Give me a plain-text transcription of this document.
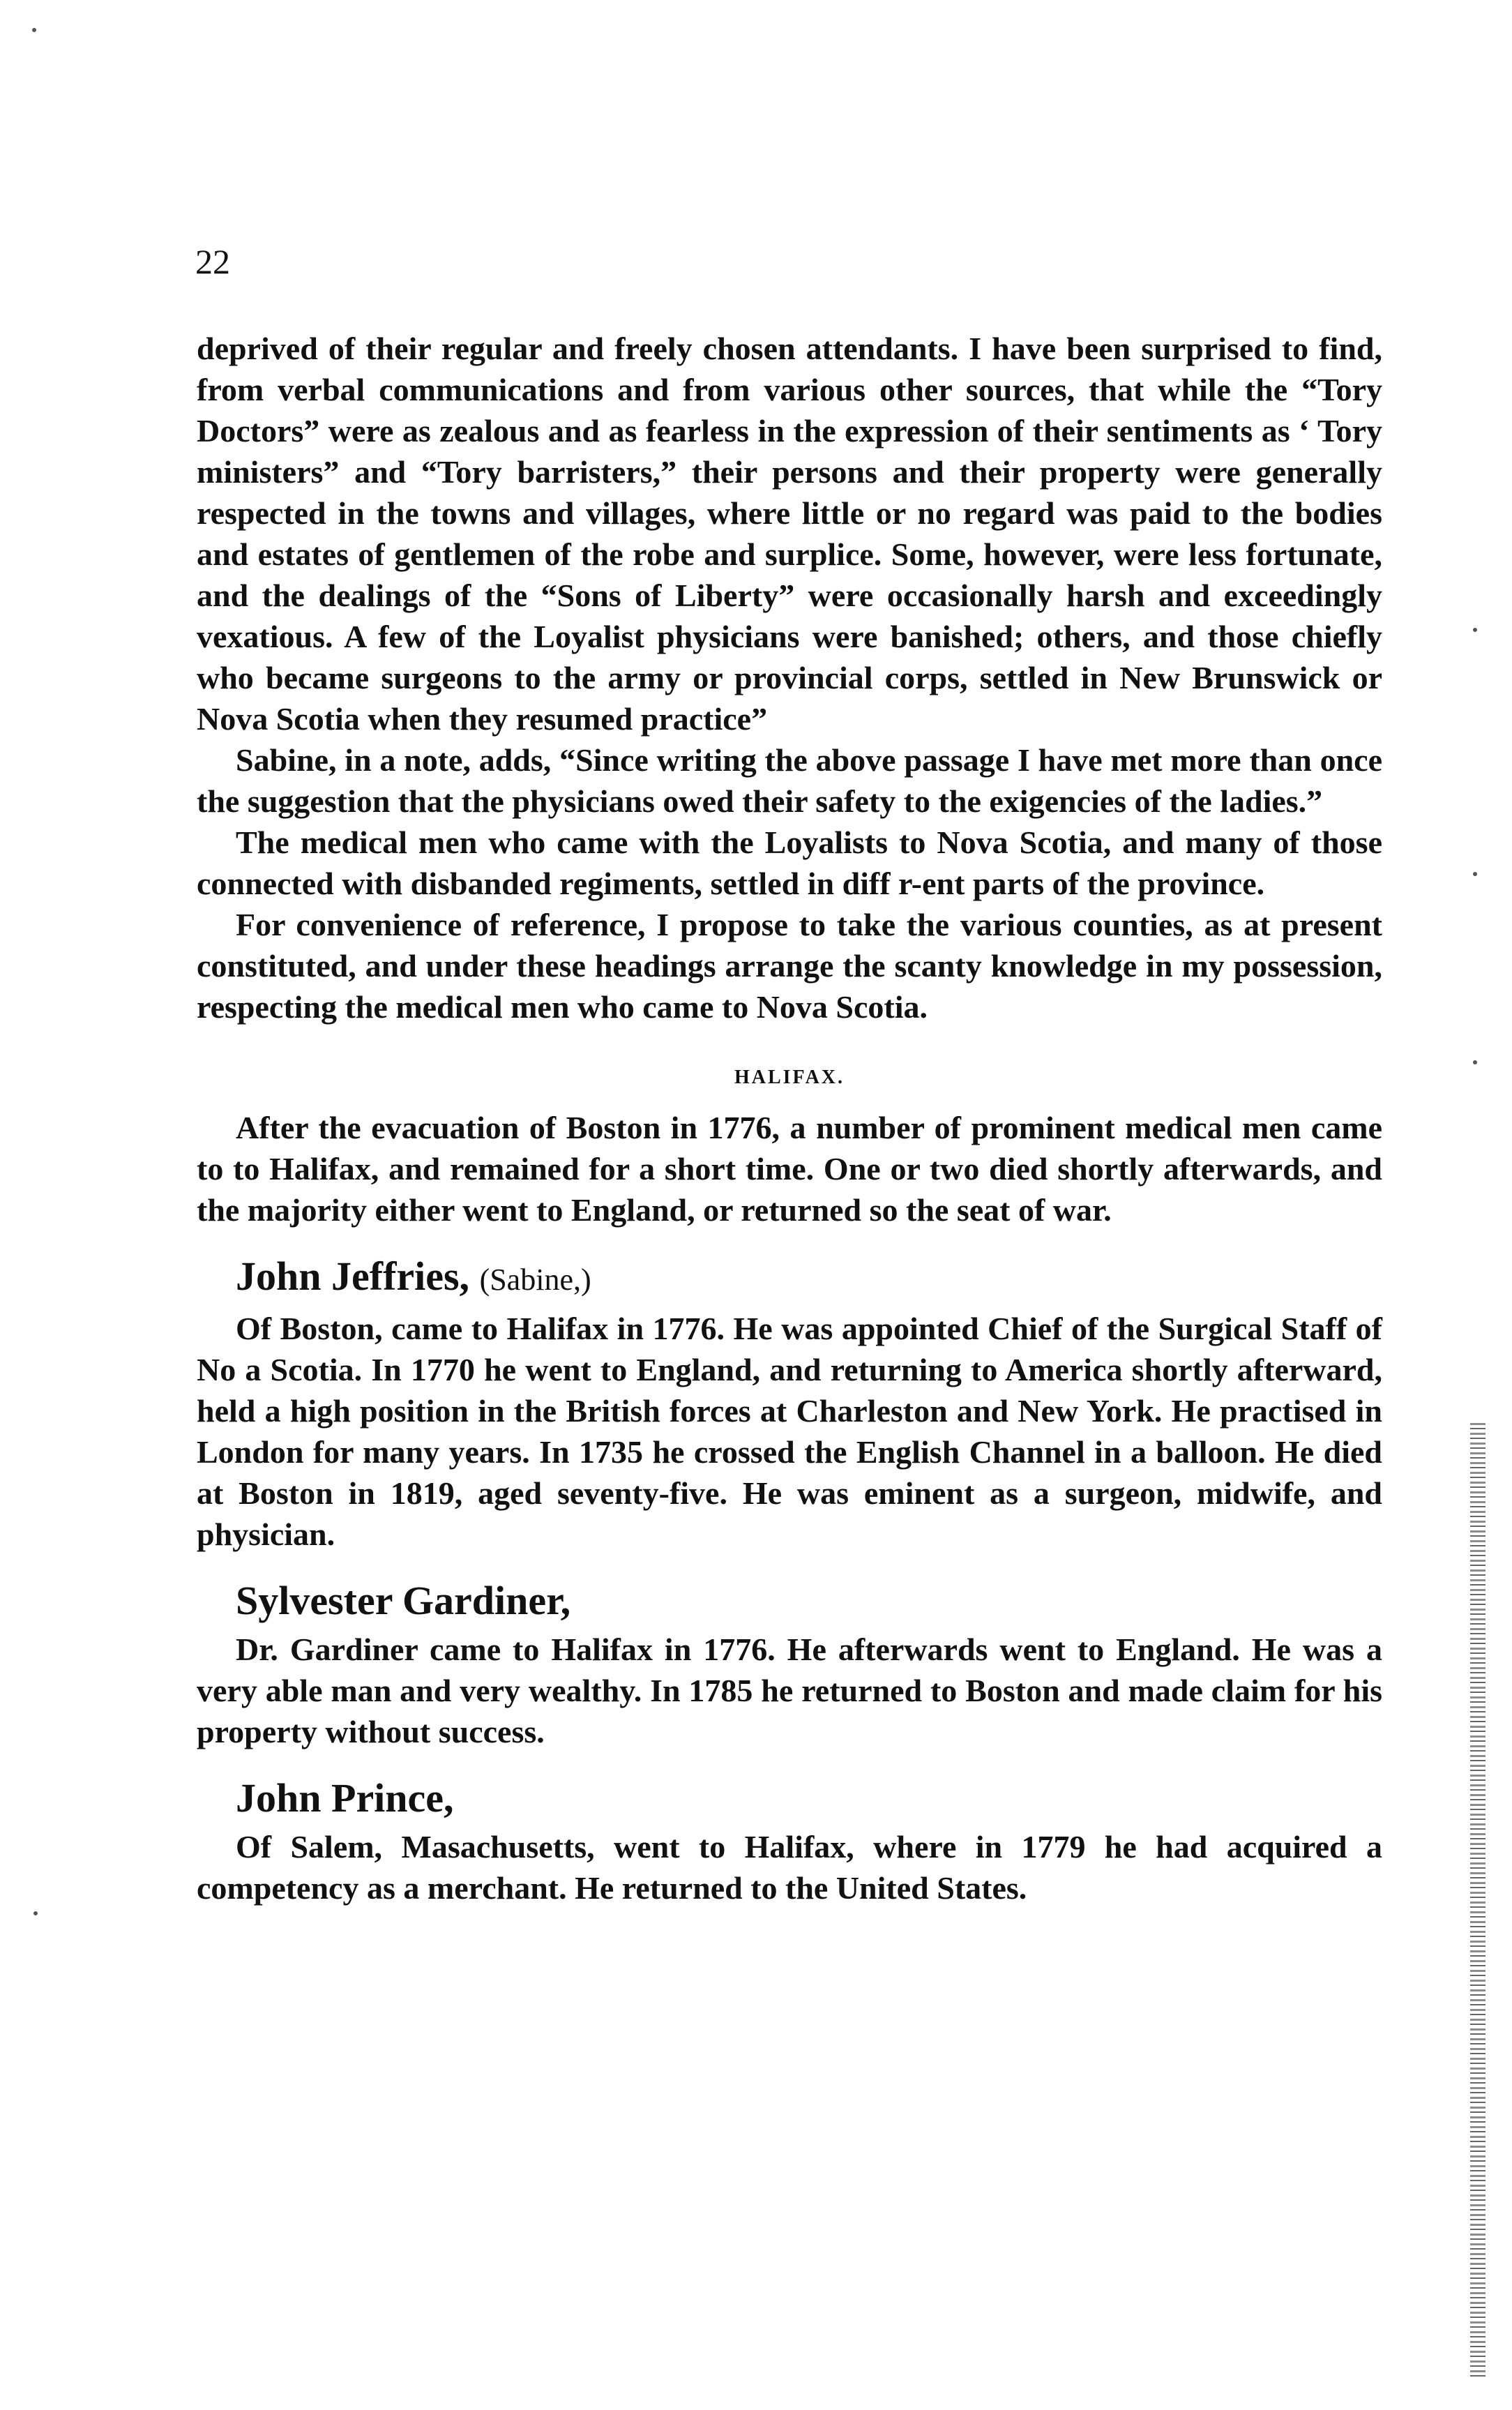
22

deprived of their regular and freely chosen attendants. I have been surprised to find, from verbal communications and from various other sources, that while the “Tory Doctors” were as zealous and as fearless in the expression of their sentiments as ‘ Tory ministers” and “Tory barristers,” their persons and their property were generally respected in the towns and villages, where little or no regard was paid to the bodies and estates of gentlemen of the robe and surplice. Some, however, were less fortunate, and the dealings of the “Sons of Liberty” were occasionally harsh and exceedingly vexatious. A few of the Loyalist physicians were banished; others, and those chiefly who became surgeons to the army or provincial corps, settled in New Brunswick or Nova Scotia when they resumed practice”

Sabine, in a note, adds, “Since writing the above passage I have met more than once the suggestion that the physicians owed their safety to the exigencies of the ladies.”

The medical men who came with the Loyalists to Nova Scotia, and many of those connected with disbanded regiments, settled in diff r-ent parts of the province.

For convenience of reference, I propose to take the various counties, as at present constituted, and under these headings arrange the scanty knowledge in my possession, respecting the medical men who came to Nova Scotia.

HALIFAX.

After the evacuation of Boston in 1776, a number of prominent medical men came to to Halifax, and remained for a short time. One or two died shortly afterwards, and the majority either went to England, or returned so the seat of war.

John Jeffries, (Sabine,)

Of Boston, came to Halifax in 1776. He was appointed Chief of the Surgical Staff of No a Scotia. In 1770 he went to England, and returning to America shortly afterward, held a high position in the British forces at Charleston and New York. He practised in London for many years. In 1735 he crossed the English Channel in a balloon. He died at Boston in 1819, aged seventy-five. He was eminent as a surgeon, midwife, and physician.

Sylvester Gardiner,

Dr. Gardiner came to Halifax in 1776. He afterwards went to England. He was a very able man and very wealthy. In 1785 he returned to Boston and made claim for his property without success.

John Prince,

Of Salem, Masachusetts, went to Halifax, where in 1779 he had acquired a competency as a merchant. He returned to the United States.
